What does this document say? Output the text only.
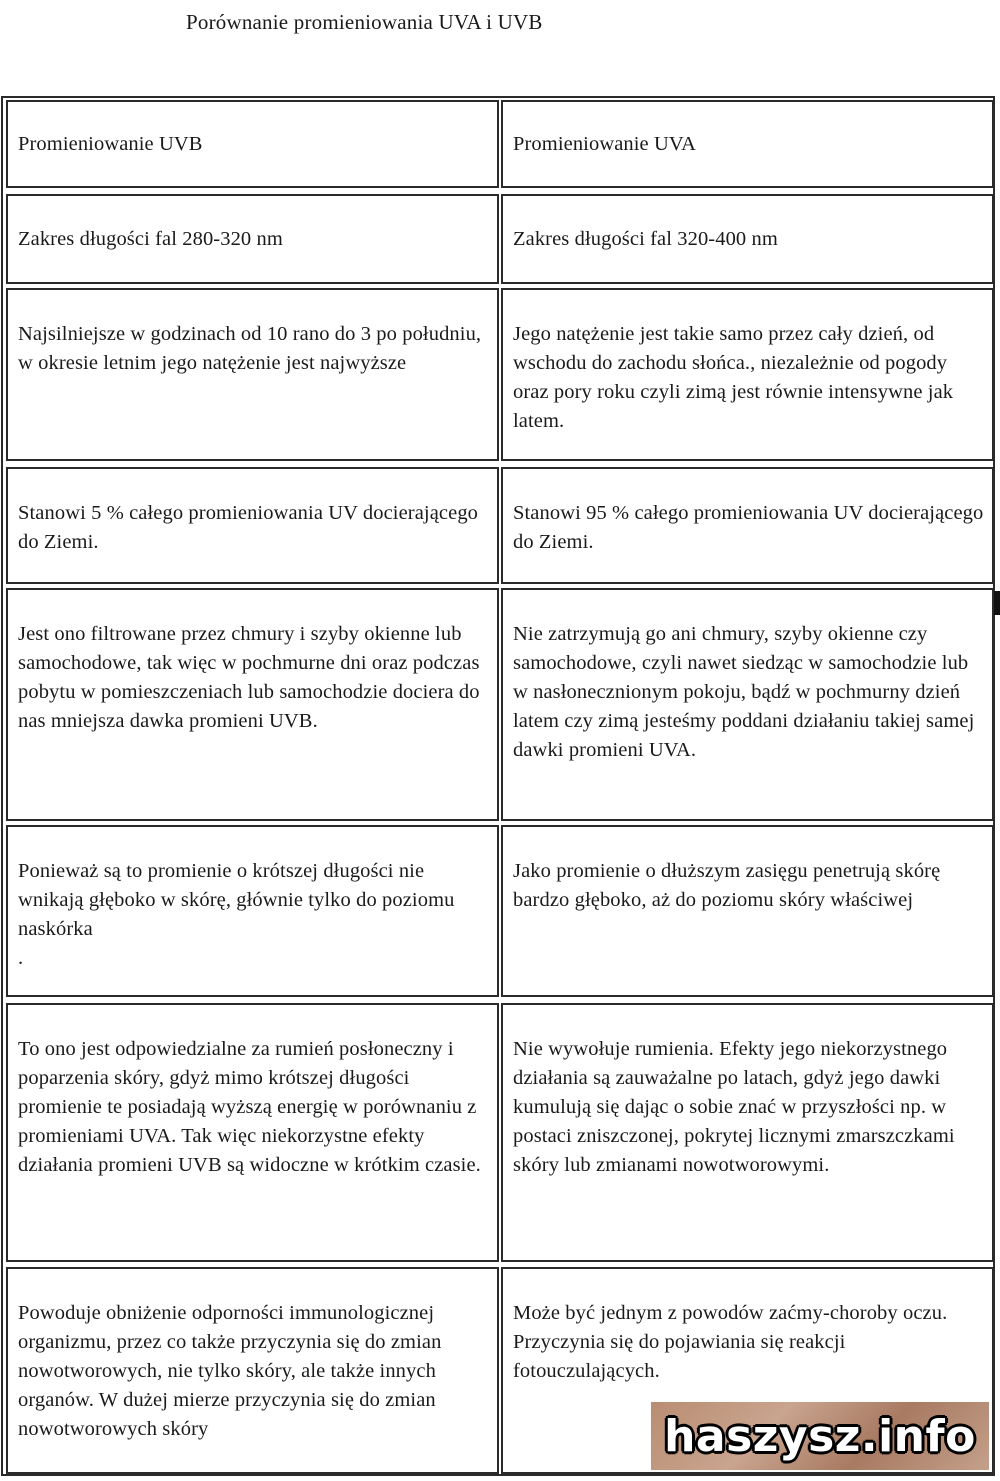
Porównanie promieniowania UVA i UVB
Promieniowanie UVB	Promieniowanie UVA
Zakres długości fal 280-320 nm	Zakres długości fal 320-400 nm
Najsilniejsze w godzinach od 10 rano do 3 po południu, w okresie letnim jego natężenie jest najwyższe
Jego natężenie jest takie samo przez cały dzień, od wschodu do zachodu słońca., niezależnie od pogody oraz pory roku czyli zimą jest równie intensywne jak latem.
Stanowi 5 % całego promieniowania UV docierającego do Ziemi.
Stanowi 95 % całego promieniowania UV docierającego do Ziemi.
Jest ono filtrowane przez chmury i szyby okienne lub samochodowe, tak więc w pochmurne dni oraz podczas pobytu w pomieszczeniach lub samochodzie dociera do nas mniejsza dawka promieni UVB.
Nie zatrzymują go ani chmury, szyby okienne czy samochodowe, czyli nawet siedząc w samochodzie lub w nasłonecznionym pokoju, bądź w pochmurny dzień latem czy zimą jesteśmy poddani działaniu takiej samej dawki promieni UVA.
Ponieważ są to promienie o krótszej długości nie wnikają głęboko w skórę, głównie tylko do poziomu naskórka
.
Jako promienie o dłuższym zasięgu penetrują skórę bardzo głęboko, aż do poziomu skóry właściwej
To ono jest odpowiedzialne za rumień posłoneczny i poparzenia skóry, gdyż mimo krótszej długości promienie te posiadają wyższą energię w porównaniu z promieniami UVA. Tak więc niekorzystne efekty działania promieni UVB są widoczne w krótkim czasie.
Nie wywołuje rumienia. Efekty jego niekorzystnego działania są zauważalne po latach, gdyż jego dawki kumulują się dając o sobie znać w przyszłości np. w postaci zniszczonej, pokrytej licznymi zmarszczkami skóry lub zmianami nowotworowymi.
Powoduje obniżenie odporności immunologicznej organizmu, przez co także przyczynia się do zmian nowotworowych, nie tylko skóry, ale także innych organów. W dużej mierze przyczynia się do zmian nowotworowych skóry
Może być jednym z powodów zaćmy-choroby oczu. Przyczynia się do pojawiania się reakcji fotouczulających.
haszysz.info
